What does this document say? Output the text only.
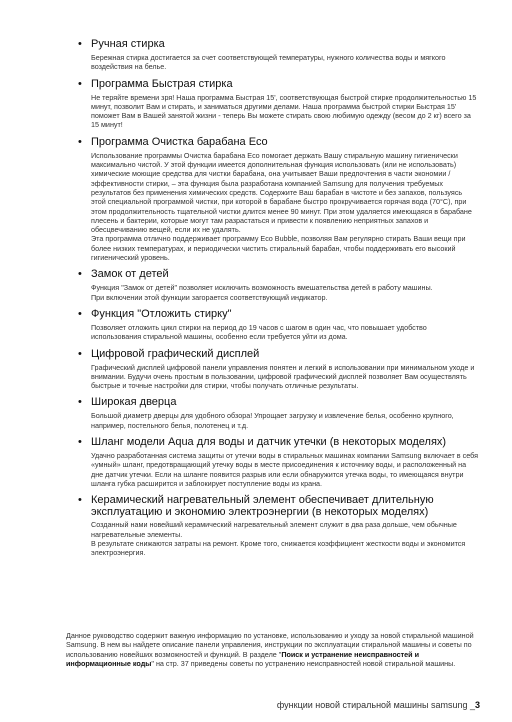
• Ручная стирка

Бережная стирка достигается за счет соответствующей температуры, нужного количества воды и мягкого воздействия на белье.

• Программа Быстрая стирка

Не теряйте времени зря! Наша программа Быстрая 15', соответствующая быстрой стирке продолжительностью 15 минут, позволит Вам и стирать, и заниматься другими делами. Наша программа быстрой стирки Быстрая 15' поможет Вам в Вашей занятой жизни - теперь Вы можете стирать свою любимую одежду (весом до 2 кг) всего за 15 минут!

• Программа Очистка барабана Eco

Использование программы Очистка барабана Eco помогает держать Вашу стиральную машину гигиенически максимально чистой. У этой функции имеется дополнительная функция использовать (или не использовать) химические моющие средства для чистки барабана, она учитывает Ваши предпочтения в части экономии / эффективности стирки, – эта функция была разработана компанией Samsung для получения требуемых результатов без применения химических средств. Содержите Ваш барабан в чистоте и без запахов, пользуясь этой специальной программой чистки, при которой в барабане быстро прокручивается горячая вода (70°C), при этом продолжительность тщательной чистки длится менее 90 минут. При этом удаляется имеющаяся в барабане плесень и бактерии, которые могут там разрастаться и привести к появлению неприятных запахов и обесцвечиванию вещей, если их не удалять.

Эта программа отлично поддерживает программу Eco Bubble, позволяя Вам регулярно стирать Ваши вещи при более низких температурах, и периодически чистить стиральный барабан, чтобы поддерживать его высокий гигиенический уровень.

• Замок от детей

Функция "Замок от детей" позволяет исключить возможность вмешательства детей в работу машины.

При включении этой функции загорается соответствующий индикатор.

• Функция "Отложить стирку"

Позволяет отложить цикл стирки на период до 19 часов с шагом в один час, что повышает удобство использования стиральной машины, особенно если требуется уйти из дома.

• Цифровой графический дисплей

Графический дисплей цифровой панели управления понятен и легкий в использовании при минимальном уходе и внимании. Будучи очень простым в пользовании, цифровой графический дисплей позволяет Вам осуществлять быстрые и точные настройки для стирки, чтобы получать отличные результаты.

• Широкая дверца

Большой диаметр дверцы для удобного обзора! Упрощает загрузку и извлечение белья, особенно крупного, например, постельного белья, полотенец и т.д.

• Шланг модели Aqua для воды и датчик утечки (в некоторых моделях)

Удачно разработанная система защиты от утечки воды в стиральных машинах компании Samsung включает в себя «умный» шланг, предотвращающий утечку воды в месте присоединения к источнику воды, и расположенный на дне датчик утечки. Если на шланге появится разрыв или если обнаружится утечка воды, то имеющаяся внутри шланга губка расширится и заблокирует поступление воды из крана.

• Керамический нагревательный элемент обеспечивает длительную эксплуатацию и экономию электроэнергии (в некоторых моделях)

Созданный нами новейший керамический нагревательный элемент служит в два раза дольше, чем обычные нагревательные элементы.

В результате снижаются затраты на ремонт. Кроме того, снижается коэффициент жесткости воды и экономится электроэнергия.

Данное руководство содержит важную информацию по установке, использованию и уходу за новой стиральной машиной Samsung. В нем вы найдете описание панели управления, инструкции по эксплуатации стиральной машины и советы по использованию новейших возможностей и функций. В разделе "Поиск и устранение неисправностей и информационные коды" на стр. 37 приведены советы по устранению неисправностей новой стиральной машины.
функции новой стиральной машины samsung _3
